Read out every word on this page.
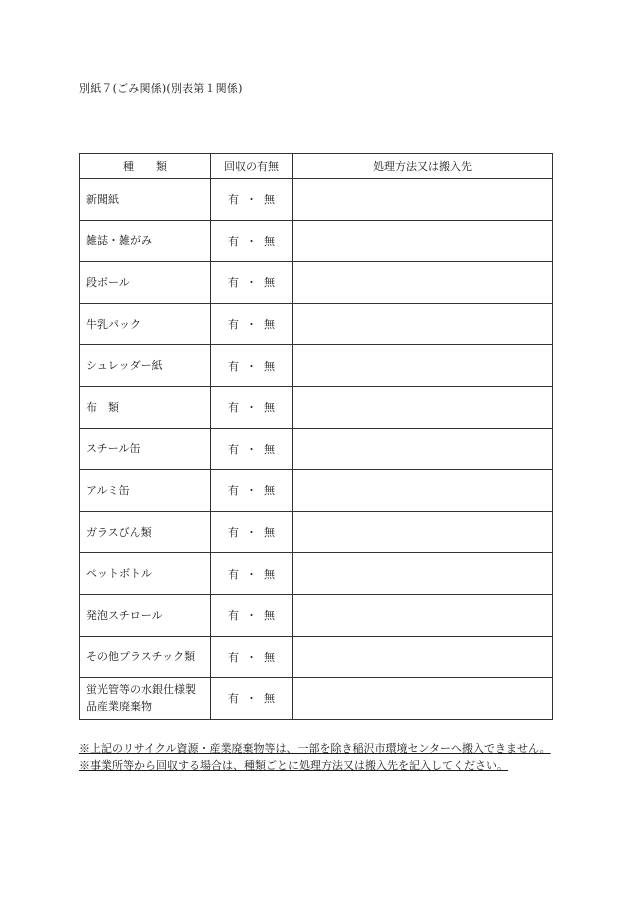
別紙７(ごみ関係)(別表第１関係)
種　　類	回収の有無	処理方法又は搬入先
新聞紙	有 ・ 無	
雑誌・雑がみ	有 ・ 無	
段ボール	有 ・ 無	
牛乳パック	有 ・ 無	
シュレッダー紙	有 ・ 無	
布　類	有 ・ 無	
スチール缶	有 ・ 無	
アルミ缶	有 ・ 無	
ガラスびん類	有 ・ 無	
ペットボトル	有 ・ 無	
発泡スチロール	有 ・ 無	
その他プラスチック類	有 ・ 無	
蛍光管等の水銀仕様製品産業廃棄物	有 ・ 無	

※上記のリサイクル資源・産業廃棄物等は、一部を除き稲沢市環境センターへ搬入できません。

※事業所等から回収する場合は、種類ごとに処理方法又は搬入先を記入してください。
